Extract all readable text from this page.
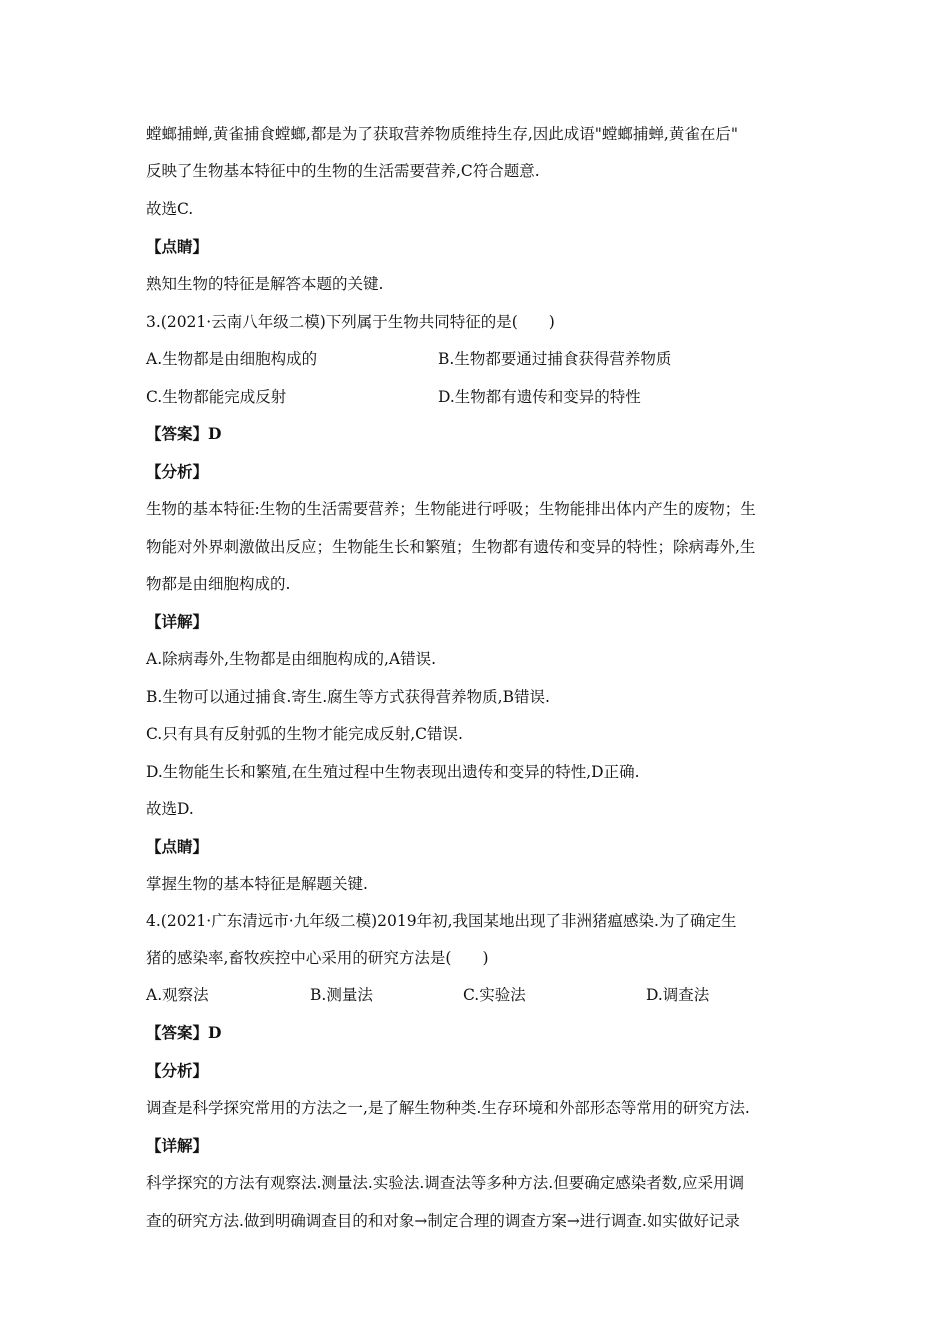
螳螂捕蝉,黄雀捕食螳螂,都是为了获取营养物质维持生存,因此成语"螳螂捕蝉,黄雀在后"
反映了生物基本特征中的生物的生活需要营养,C符合题意.
故选C.
【点睛】
熟知生物的特征是解答本题的关键.
3.(2021·云南八年级二模)下列属于生物共同特征的是(　　)
A.生物都是由细胞构成的	B.生物都要通过捕食获得营养物质
C.生物都能完成反射	D.生物都有遗传和变异的特性
【答案】D
【分析】
生物的基本特征:生物的生活需要营养；生物能进行呼吸；生物能排出体内产生的废物；生
物能对外界刺激做出反应；生物能生长和繁殖；生物都有遗传和变异的特性；除病毒外,生
物都是由细胞构成的.
【详解】
A.除病毒外,生物都是由细胞构成的,A错误.
B.生物可以通过捕食.寄生.腐生等方式获得营养物质,B错误.
C.只有具有反射弧的生物才能完成反射,C错误.
D.生物能生长和繁殖,在生殖过程中生物表现出遗传和变异的特性,D正确.
故选D.
【点睛】
掌握生物的基本特征是解题关键.
4.(2021·广东清远市·九年级二模)2019年初,我国某地出现了非洲猪瘟感染.为了确定生
猪的感染率,畜牧疾控中心采用的研究方法是(　　)
A.观察法	B.测量法	C.实验法	D.调查法
【答案】D
【分析】
调查是科学探究常用的方法之一,是了解生物种类.生存环境和外部形态等常用的研究方法.
【详解】
科学探究的方法有观察法.测量法.实验法.调查法等多种方法.但要确定感染者数,应采用调
查的研究方法.做到明确调查目的和对象→制定合理的调查方案→进行调查.如实做好记录
